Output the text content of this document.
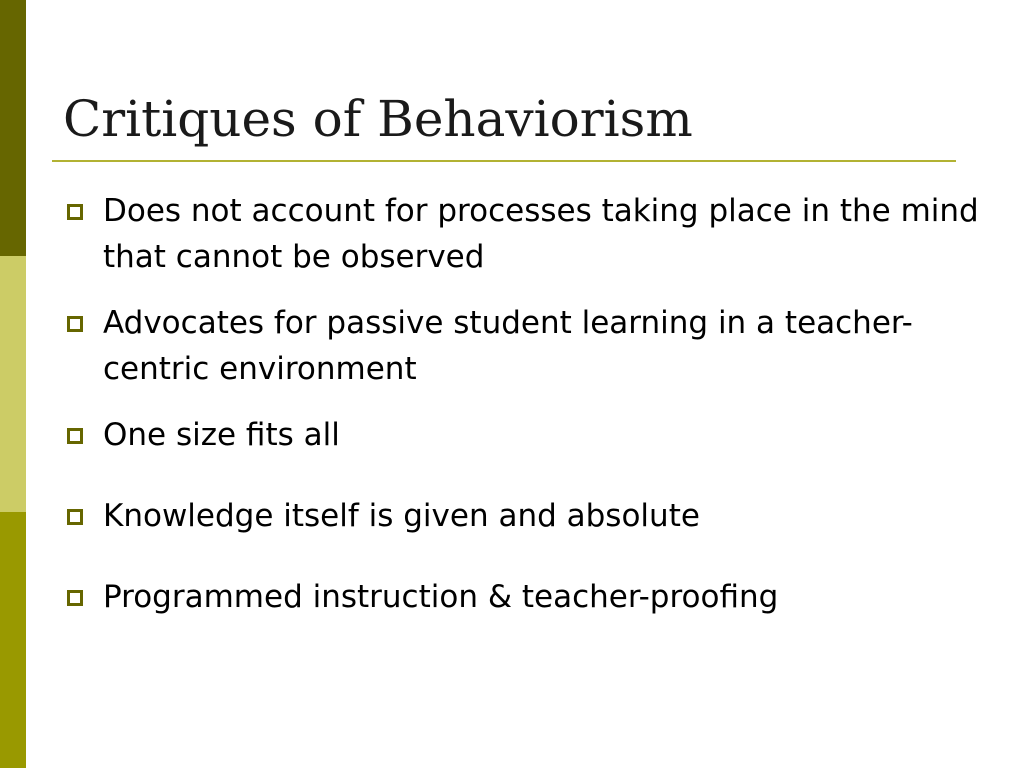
Critiques of Behaviorism
Does not account for processes taking place in the mind that cannot be observed
Advocates for passive student learning in a teacher-centric environment
One size fits all
Knowledge itself is given and absolute
Programmed instruction & teacher-proofing
